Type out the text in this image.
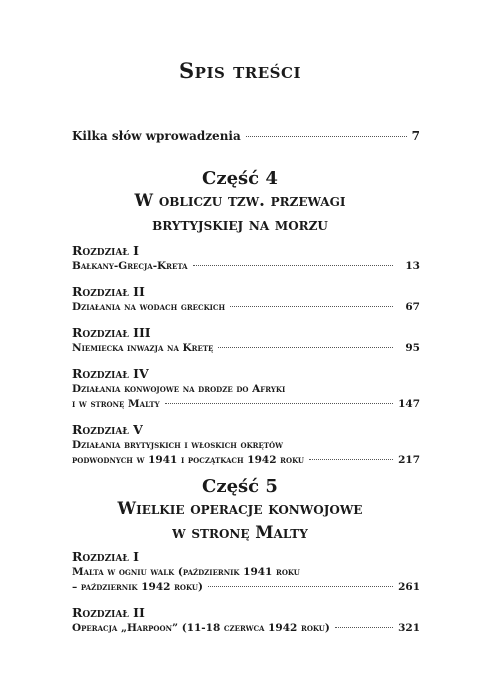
Spis treści
Kilka słów wprowadzenia	7
Część 4
W obliczu tzw. przewagi
brytyjskiej na morzu
Rozdział I
Bałkany-Grecja-Kreta	13
Rozdział II
Działania na wodach greckich	67
Rozdział III
Niemiecka inwazja na Kretę	95
Rozdział IV
Działania konwojowe na drodze do Afryki
i w stronę Malty	147
Rozdział V
Działania brytyjskich i włoskich okrętów
podwodnych w 1941 i początkach 1942 roku	217
Część 5
Wielkie operacje konwojowe
w stronę Malty
Rozdział I
Malta w ogniu walk (październik 1941 roku
– październik 1942 roku)	261
Rozdział II
Operacja „Harpoon” (11-18 czerwca 1942 roku)	321
